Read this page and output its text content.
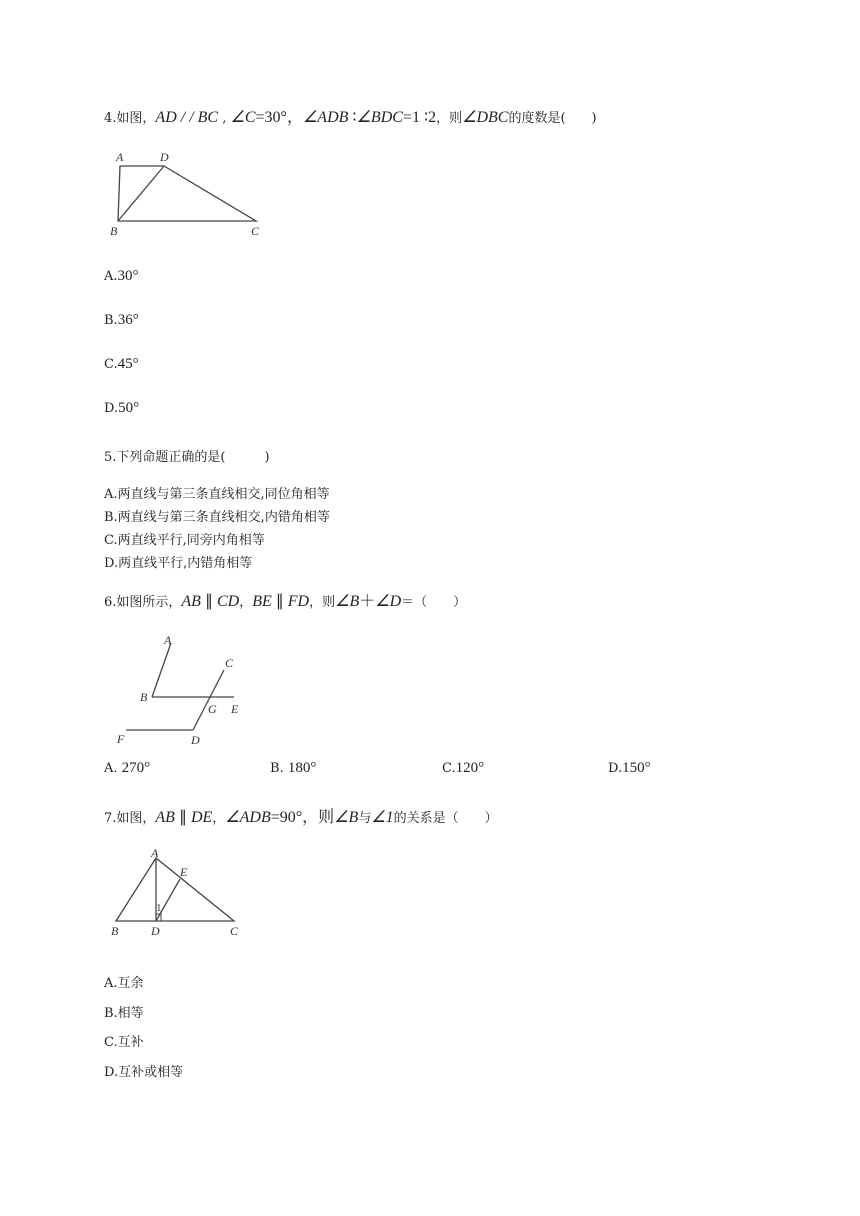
4.如图，AD / / BC , ∠C=30°，∠ADB ∶∠BDC=1 ∶2，则∠DBC的度数是(　　)
A	D
B	C
A.30°
B.36°
C.45°
D.50°
5.下列命题正确的是(　　　)
A.两直线与第三条直线相交,同位角相等
B.两直线与第三条直线相交,内错角相等
C.两直线平行,同旁内角相等
D.两直线平行,内错角相等
6.如图所示，AB ∥ CD，BE ∥ FD，则∠B＋∠D＝（　　）
A
C
B
G E
F	D
A. 270°	B. 180°	C.120°	D.150°
7.如图，AB ∥ DE，∠ADB=90°，则∠B与∠1的关系是（　　）
A
E
1
B	D	C
A.互余
B.相等
C.互补
D.互补或相等
